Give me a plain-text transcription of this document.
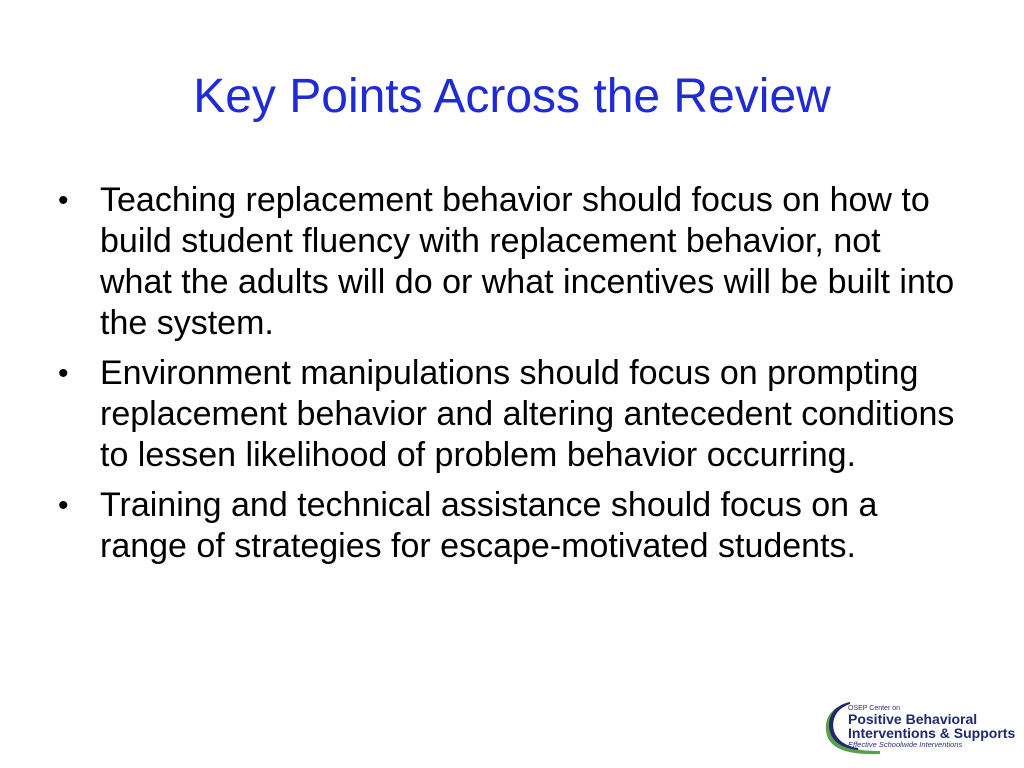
Key Points Across the Review
• Teaching replacement behavior should focus on how to build student fluency with replacement behavior, not what the adults will do or what incentives will be built into the system.
• Environment manipulations should focus on prompting replacement behavior and altering antecedent conditions to lessen likelihood of problem behavior occurring.
• Training and technical assistance should focus on a range of strategies for escape-motivated students.
OSEP Center on
Positive Behavioral
Interventions & Supports
Effective Schoolwide Interventions
